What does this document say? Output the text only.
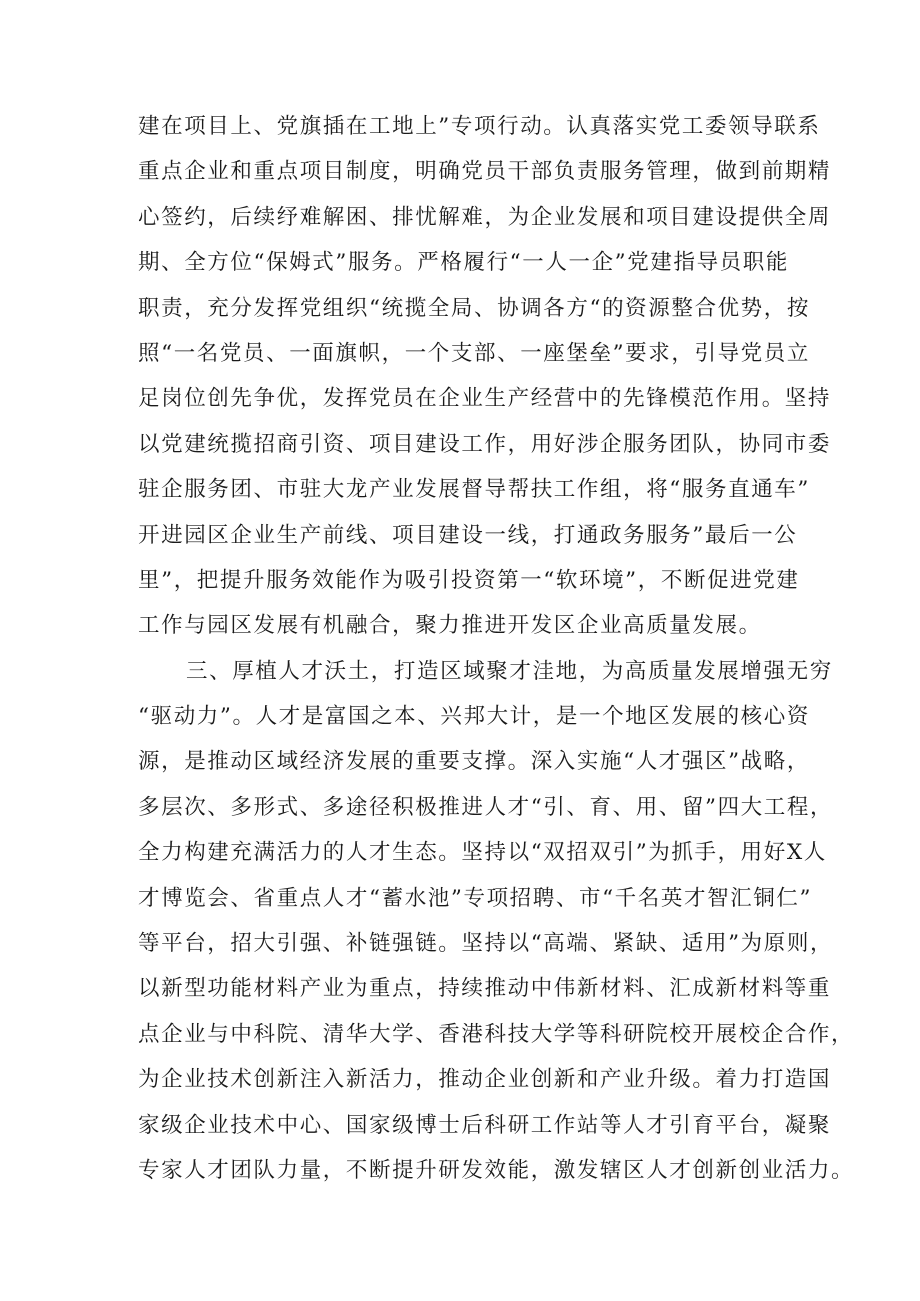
建在项目上、党旗插在工地上”专项行动。认真落实党工委领导联系
重点企业和重点项目制度，明确党员干部负责服务管理，做到前期精
心签约，后续纾难解困、排忧解难，为企业发展和项目建设提供全周
期、全方位“保姆式”服务。严格履行“一人一企”党建指导员职能
职责，充分发挥党组织“统揽全局、协调各方“的资源整合优势，按
照“一名党员、一面旗帜，一个支部、一座堡垒”要求，引导党员立
足岗位创先争优，发挥党员在企业生产经营中的先锋模范作用。坚持
以党建统揽招商引资、项目建设工作，用好涉企服务团队，协同市委
驻企服务团、市驻大龙产业发展督导帮扶工作组，将“服务直通车”
开进园区企业生产前线、项目建设一线，打通政务服务”最后一公
里”，把提升服务效能作为吸引投资第一“软环境”，不断促进党建
工作与园区发展有机融合，聚力推进开发区企业高质量发展。
三、厚植人才沃土，打造区域聚才洼地，为高质量发展增强无穷
“驱动力”。人才是富国之本、兴邦大计，是一个地区发展的核心资
源，是推动区域经济发展的重要支撑。深入实施“人才强区”战略，
多层次、多形式、多途径积极推进人才“引、育、用、留”四大工程，
全力构建充满活力的人才生态。坚持以“双招双引”为抓手，用好X人
才博览会、省重点人才“蓄水池”专项招聘、市“千名英才智汇铜仁”
等平台，招大引强、补链强链。坚持以“高端、紧缺、适用”为原则，
以新型功能材料产业为重点，持续推动中伟新材料、汇成新材料等重
点企业与中科院、清华大学、香港科技大学等科研院校开展校企合作，
为企业技术创新注入新活力，推动企业创新和产业升级。着力打造国
家级企业技术中心、国家级博士后科研工作站等人才引育平台，凝聚
专家人才团队力量，不断提升研发效能，激发辖区人才创新创业活力。
